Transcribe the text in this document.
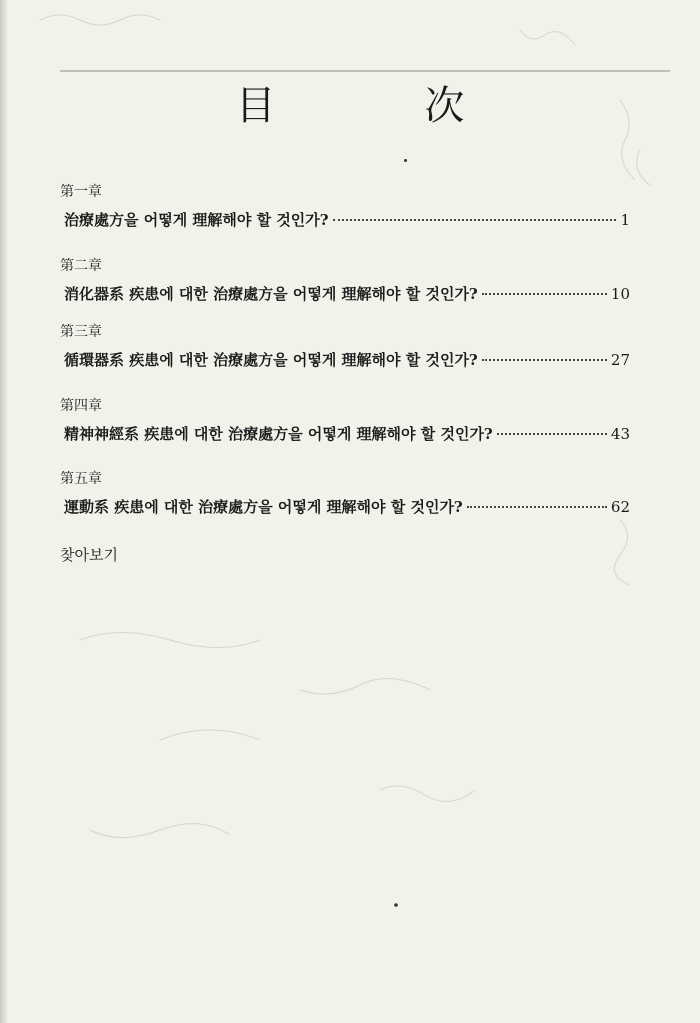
目 次

第一章

治療處方을 어떻게 理解해야 할 것인가?	1

第二章

消化器系 疾患에 대한 治療處方을 어떻게 理解해야 할 것인가?	10

第三章

循環器系 疾患에 대한 治療處方을 어떻게 理解해야 할 것인가?	27

第四章

精神神經系 疾患에 대한 治療處方을 어떻게 理解해야 할 것인가?	43

第五章

運動系 疾患에 대한 治療處方을 어떻게 理解해야 할 것인가?	62
찾아보기
